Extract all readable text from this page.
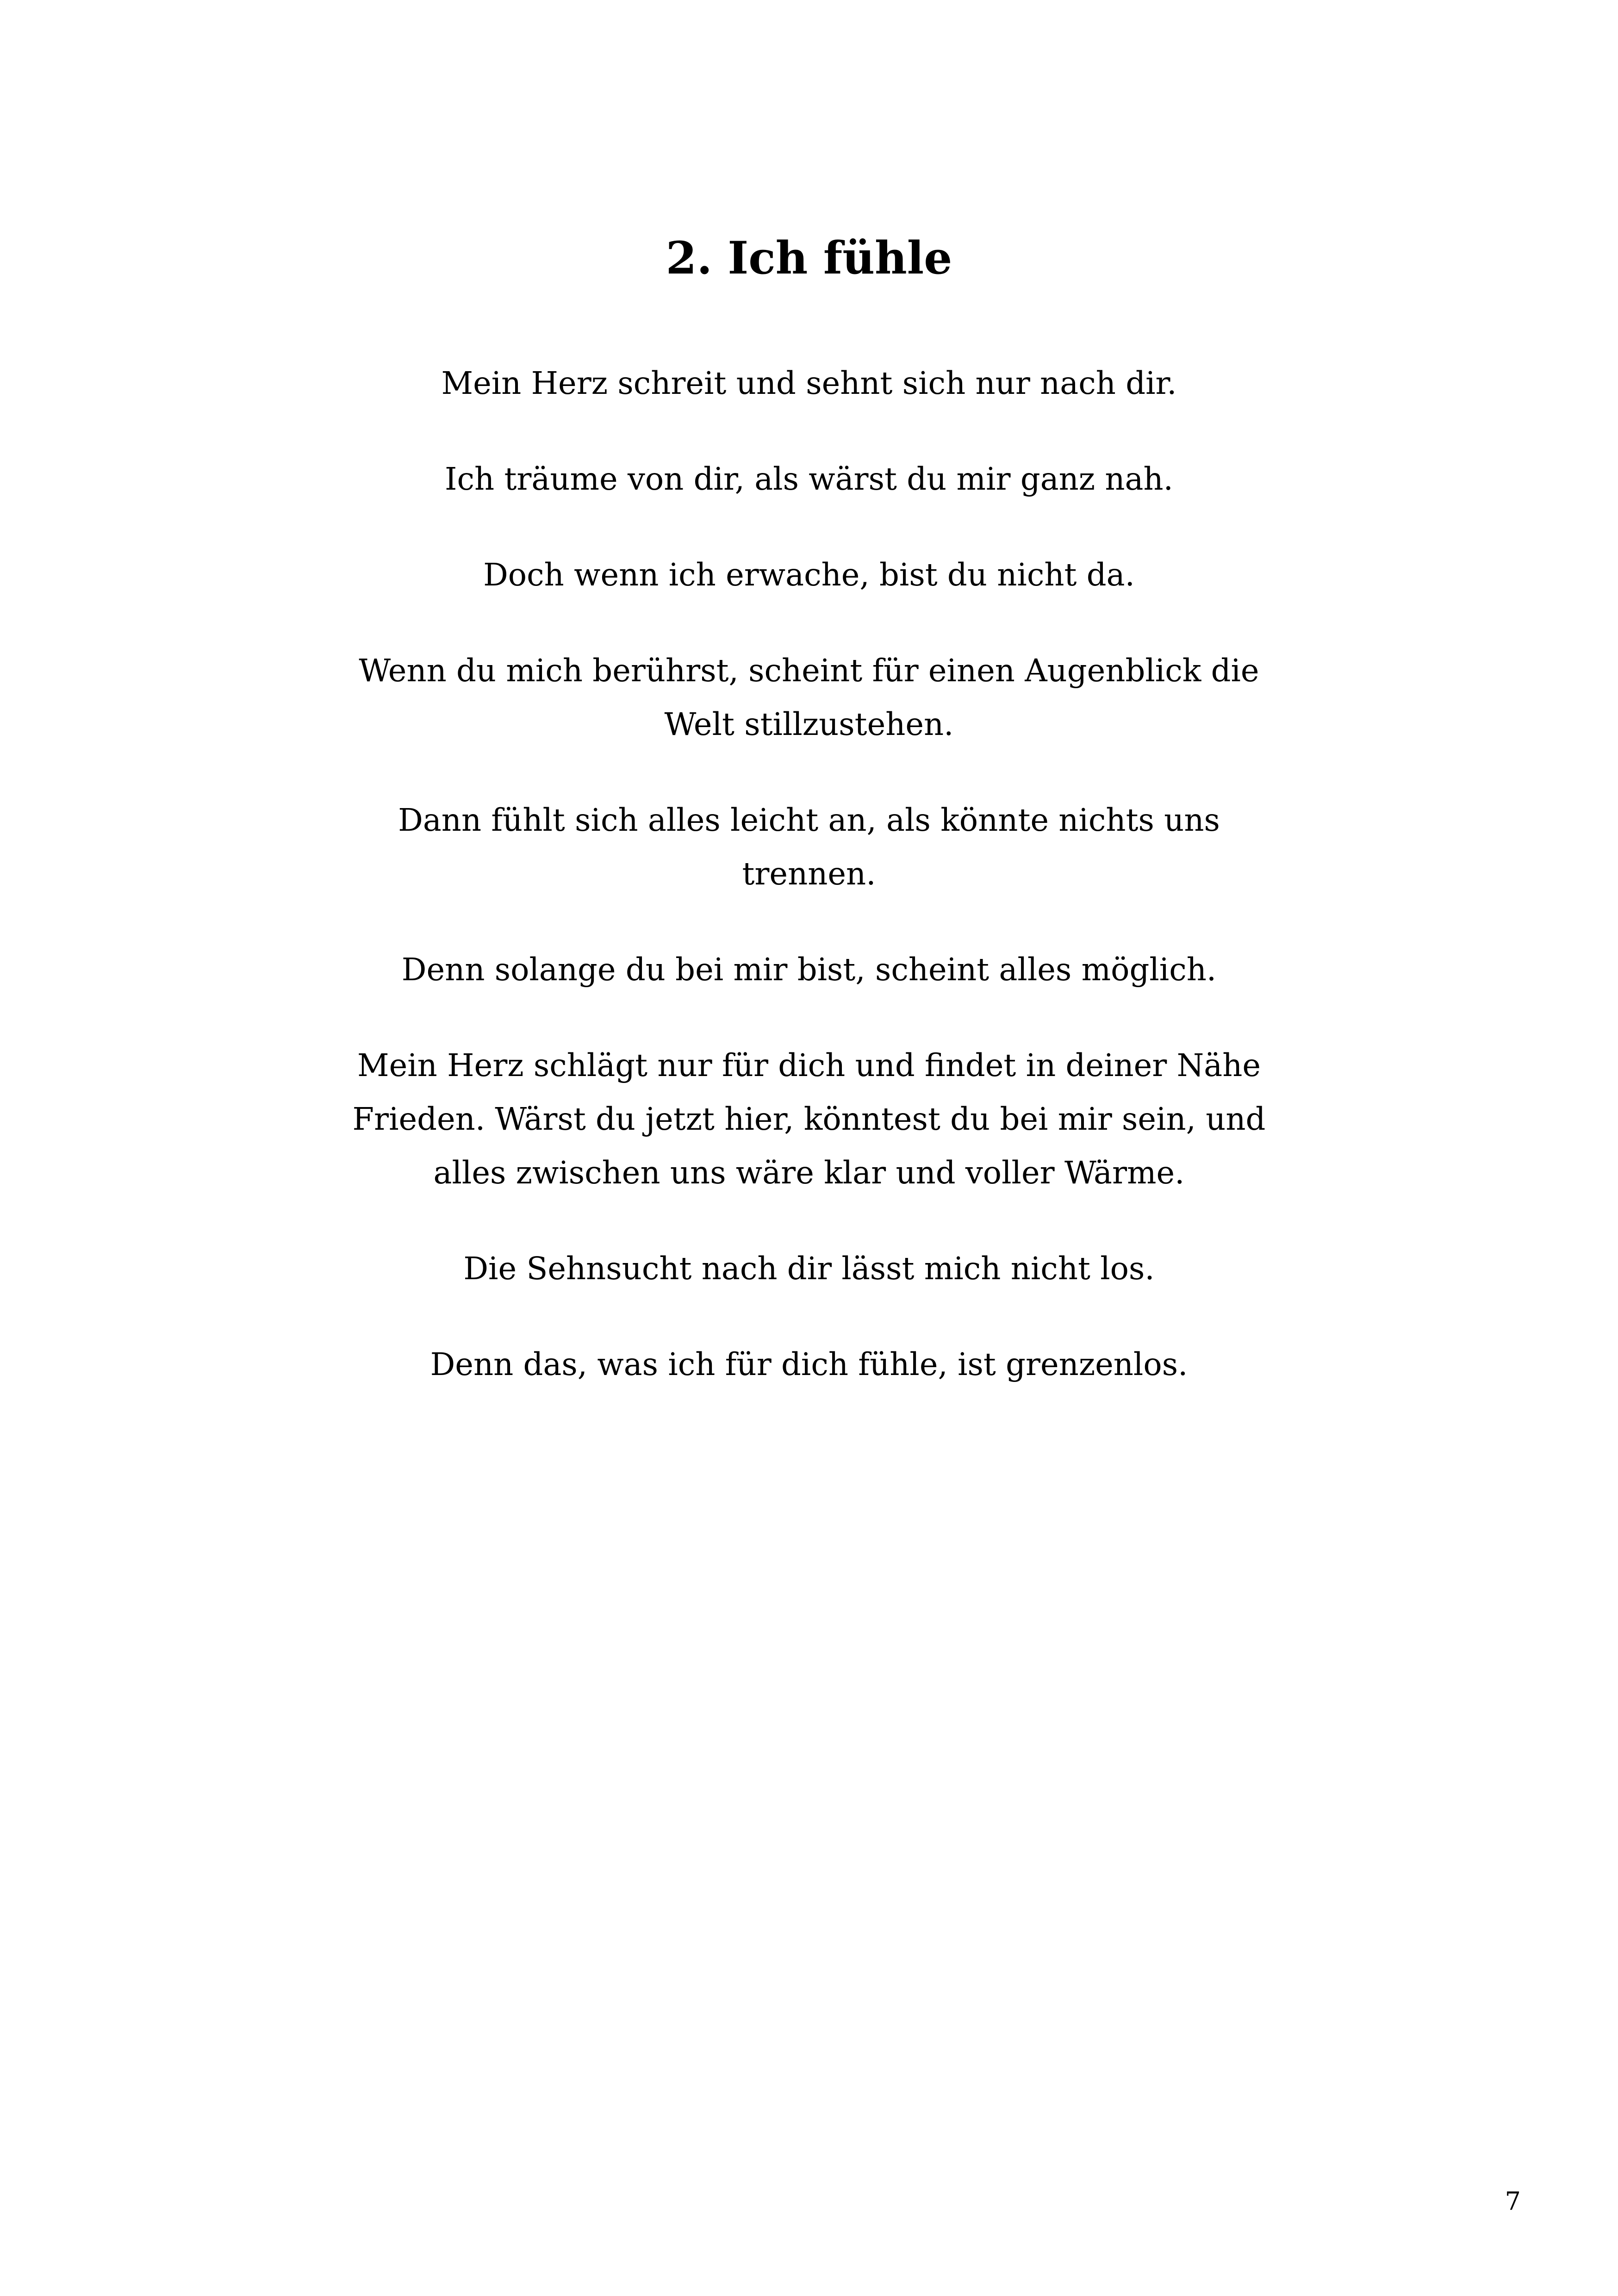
2. Ich fühle

Mein Herz schreit und sehnt sich nur nach dir.

Ich träume von dir, als wärst du mir ganz nah.

Doch wenn ich erwache, bist du nicht da.

Wenn du mich berührst, scheint für einen Augenblick die Welt stillzustehen.

Dann fühlt sich alles leicht an, als könnte nichts uns trennen.

Denn solange du bei mir bist, scheint alles möglich.

Mein Herz schlägt nur für dich und findet in deiner Nähe Frieden. Wärst du jetzt hier, könntest du bei mir sein, und alles zwischen uns wäre klar und voller Wärme.

Die Sehnsucht nach dir lässt mich nicht los.

Denn das, was ich für dich fühle, ist grenzenlos.

7
